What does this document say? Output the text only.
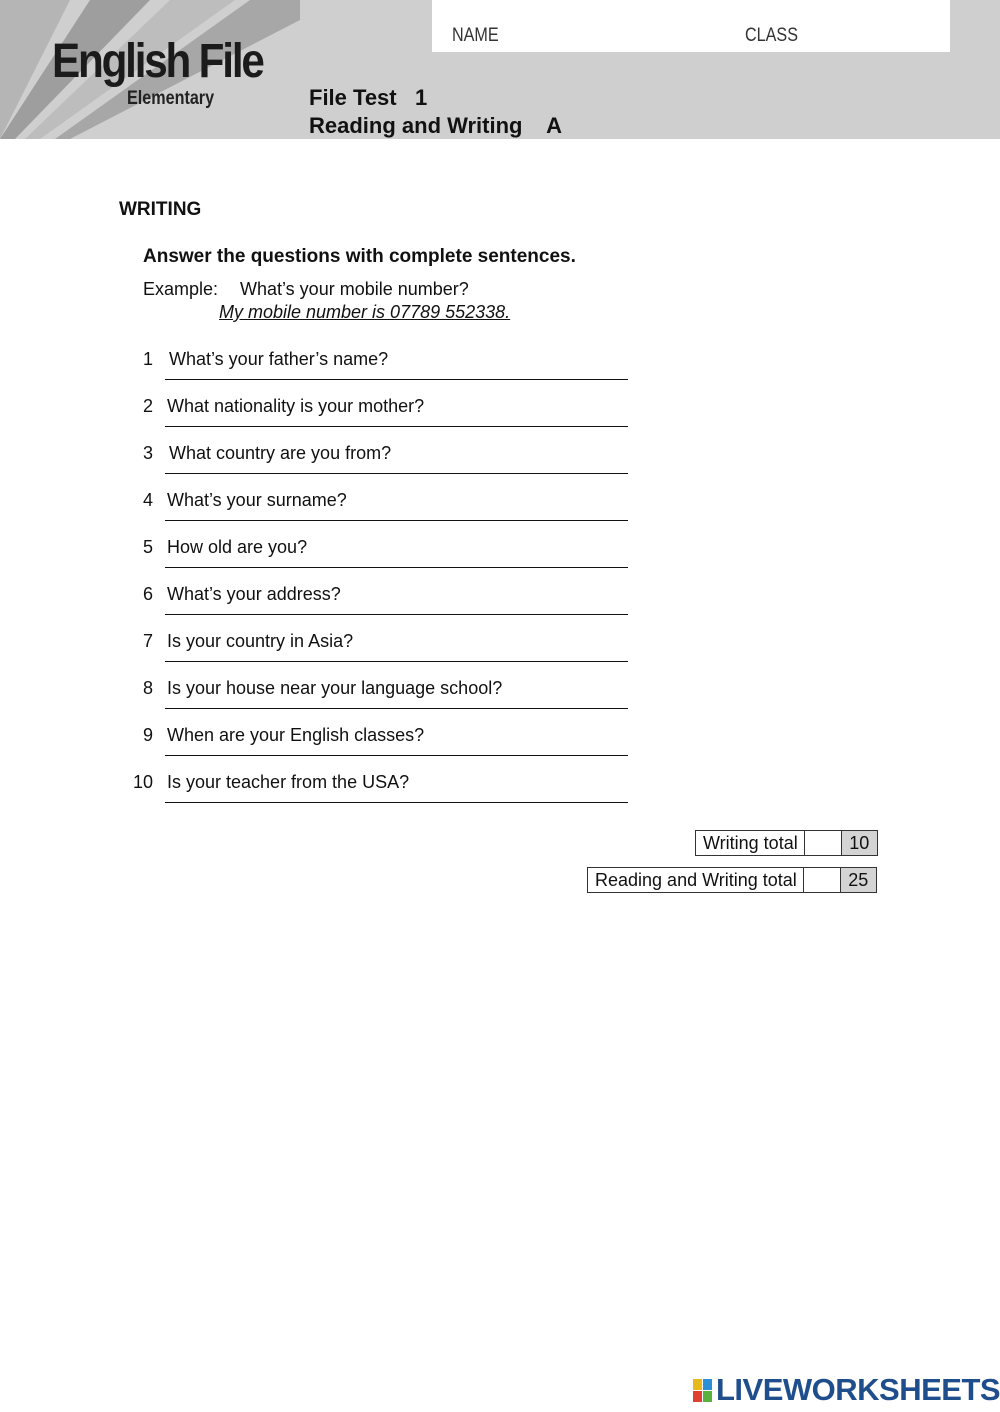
English File
Elementary
NAME	CLASS
File Test   1
Reading and Writing    A
WRITING
Answer the questions with complete sentences.
Example: What’s your mobile number?
My mobile number is 07789 552338.
1 What’s your father’s name?
2 What nationality is your mother?
3 What country are you from?
4 What’s your surname?
5 How old are you?
6 What’s your address?
7 Is your country in Asia?
8 Is your house near your language school?
9 When are your English classes?
10 Is your teacher from the USA?
Writing total	10
Reading and Writing total	25
LIVEWORKSHEETS
